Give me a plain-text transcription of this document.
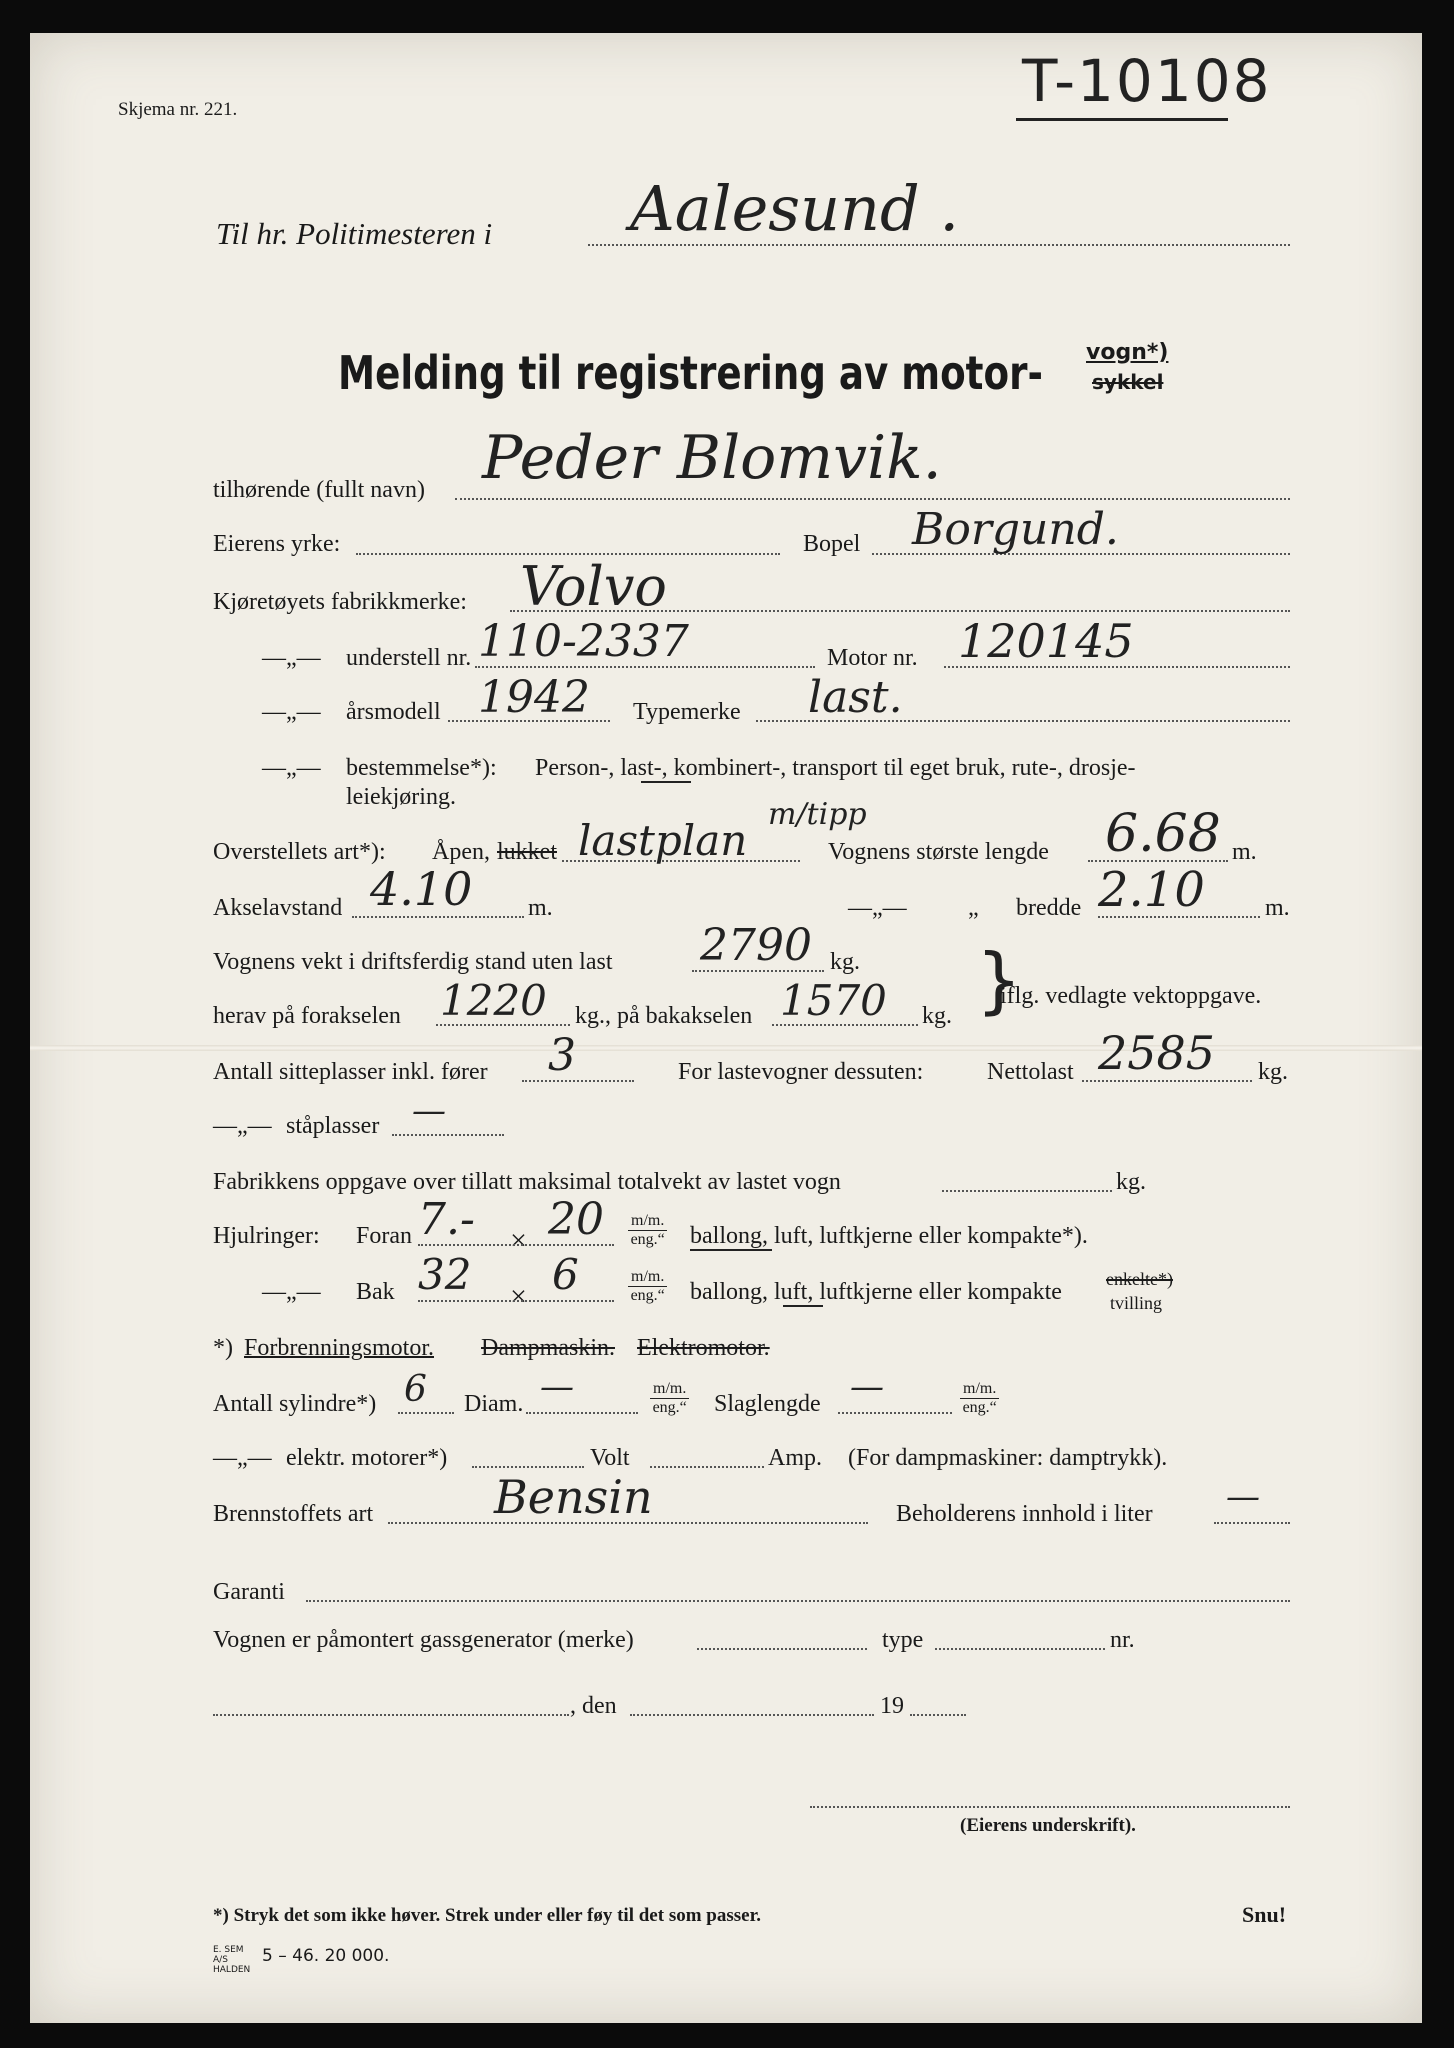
Skjema nr. 221.	T-10108
Til hr. Politimesteren i Aalesund .
Melding til registrering av motor- vogn*)
sykkel
tilhørende (fullt navn) Peder Blomvik.
Eierens yrke:	Bopel Borgund.
Kjøretøyets fabrikkmerke: Volvo
—„— understell nr. 110-2337	Motor nr. 120145
—„— årsmodell 1942 Typemerke last.
—„— bestemmelse*): Person-, last-, kombinert-, transport til eget bruk, rute-, drosje-
leiekjøring.
Overstellets art*): Åpen, lukket lastplan
m/tipp
Vognens største lengde 6.68 m.
Akselavstand 4.10 m.	—„—	„ bredde 2.10	m.
Vognens vekt i driftsferdig stand uten last 2790 kg.
herav på forakselen 1220 kg., på bakakselen 1570 kg. }
iflg. vedlagte vektoppgave.
Antall sitteplasser inkl. fører 3	For lastevogner dessuten:	Nettolast 2585 kg.
—„— ståplasser —
Fabrikkens oppgave over tillatt maksimal totalvekt av lastet vogn	kg.
Hjulringer: Foran 7.- × 20 m/m.
eng.“ ballong, luft, luftkjerne eller kompakte*).
—„— Bak 32 × 6	m/m.
eng.“ ballong, luft, luftkjerne eller kompakte enkelte*)
tvilling
*) Forbrenningsmotor. Dampmaskin. Elektromotor.
Antall sylindre*) 6 Diam. —	m/m.
eng.“ Slaglengde —	m/m.
eng.“
—„— elektr. motorer*)	Volt	Amp. (For dampmaskiner: damptrykk).
Brennstoffets art	Bensin	Beholderens innhold i liter —
Garanti
Vognen er påmontert gassgenerator (merke)	type	nr.
, den	19
(Eierens underskrift).
*) Stryk det som ikke høver. Strek under eller føy til det som passer.	Snu!
E. SEM A/S HALDEN
5 – 46. 20 000.
